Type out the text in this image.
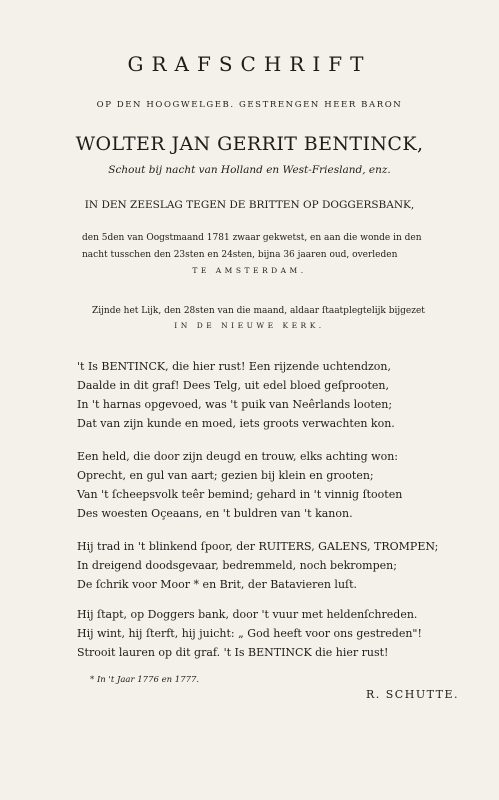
GRAFSCHRIFT
OP DEN HOOGWELGEB. GESTRENGEN HEER BARON
WOLTER JAN GERRIT BENTINCK,
Schout bij nacht van Holland en West-Friesland, enz.
IN DEN ZEESLAG TEGEN DE BRITTEN OP DOGGERSBANK,
den 5den van Oogstmaand 1781 zwaar gekwetst, en aan die wonde in den
nacht tusschen den 23sten en 24sten, bijna 36 jaaren oud, overleden
TE AMSTERDAM.
Zijnde het Lijk, den 28sten van die maand, aldaar ſtaatplegtelijk bijgezet
IN DE NIEUWE KERK.
't Is BENTINCK, die hier rust! Een rijzende uchtendzon,
Daalde in dit graf! Dees Telg, uit edel bloed geſprooten,
In 't harnas opgevoed, was 't puik van Neêrlands looten;
Dat van zijn kunde en moed, iets groots verwachten kon.
Een held, die door zijn deugd en trouw, elks achting won:
Oprecht, en gul van aart; gezien bij klein en grooten;
Van 't ſcheepsvolk teêr bemind; gehard in 't vinnig ſtooten
Des woesten Oçeaans, en 't buldren van 't kanon.
Hij trad in 't blinkend ſpoor, der RUITERS, GALENS, TROMPEN;
In dreigend doodsgevaar, bedremmeld, noch bekrompen;
De ſchrik voor Moor * en Brit, der Batavieren luſt.
Hij ſtapt, op Doggers bank, door 't vuur met heldenſchreden.
Hij wint, hij ſterft, hij juicht: „ God heeft voor ons gestreden"!
Strooit lauren op dit graf. 't Is BENTINCK die hier rust!
* In 't Jaar 1776 en 1777.
R. SCHUTTE.
